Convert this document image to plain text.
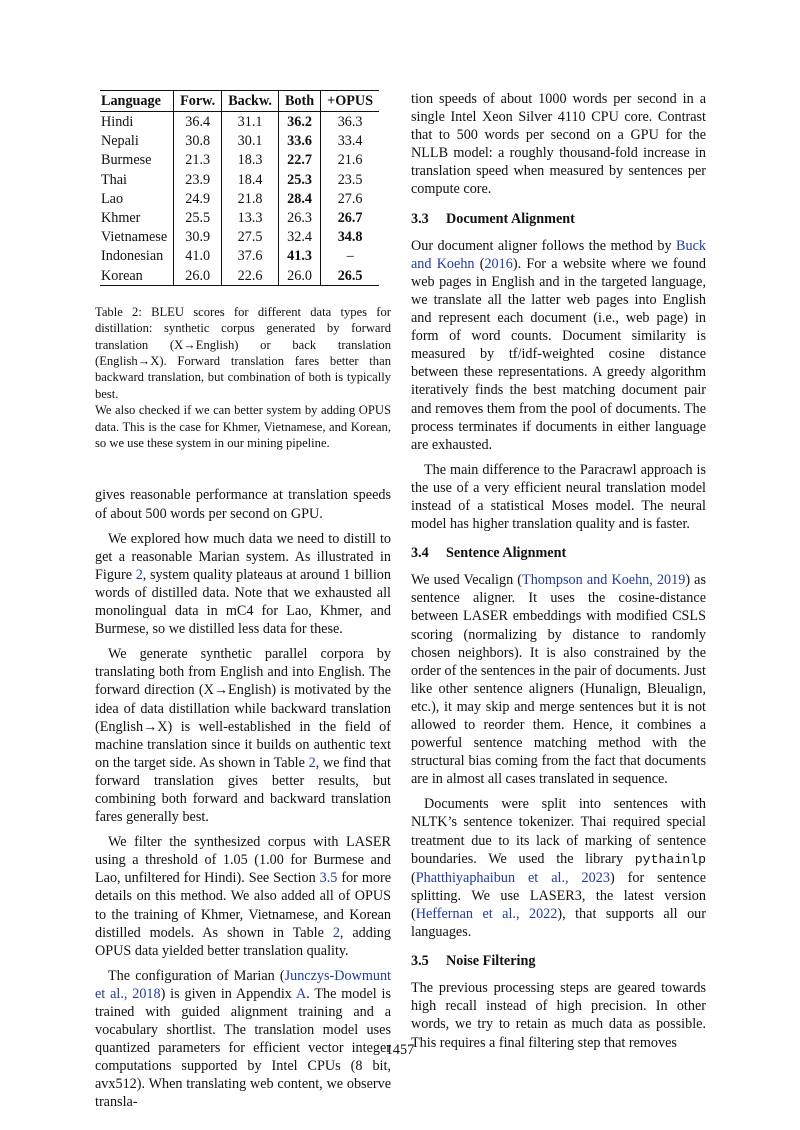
Language	Forw.	Backw.	Both	+OPUS
Hindi	36.4	31.1	36.2	36.3
Nepali	30.8	30.1	33.6	33.4
Burmese	21.3	18.3	22.7	21.6
Thai	23.9	18.4	25.3	23.5
Lao	24.9	21.8	28.4	27.6
Khmer	25.5	13.3	26.3	26.7
Vietnamese	30.9	27.5	32.4	34.8
Indonesian	41.0	37.6	41.3	–
Korean	26.0	22.6	26.0	26.5

Table 2: BLEU scores for different data types for distillation: synthetic corpus generated by forward translation (X→English) or back translation (English→X). Forward translation fares better than backward translation, but combination of both is typically best.

We also checked if we can better system by adding OPUS data. This is the case for Khmer, Vietnamese, and Korean, so we use these system in our mining pipeline.

gives reasonable performance at translation speeds of about 500 words per second on GPU.

We explored how much data we need to distill to get a reasonable Marian system. As illustrated in Figure 2, system quality plateaus at around 1 billion words of distilled data. Note that we exhausted all monolingual data in mC4 for Lao, Khmer, and Burmese, so we distilled less data for these.

We generate synthetic parallel corpora by translating both from English and into English. The forward direction (X→English) is motivated by the idea of data distillation while backward translation (English→X) is well-established in the field of machine translation since it builds on authentic text on the target side. As shown in Table 2, we find that forward translation gives better results, but combining both forward and backward translation fares generally best.

We filter the synthesized corpus with LASER using a threshold of 1.05 (1.00 for Burmese and Lao, unfiltered for Hindi). See Section 3.5 for more details on this method. We also added all of OPUS to the training of Khmer, Vietnamese, and Korean distilled models. As shown in Table 2, adding OPUS data yielded better translation quality.

The configuration of Marian (Junczys-Dowmunt et al., 2018) is given in Appendix A. The model is trained with guided alignment training and a vocabulary shortlist. The translation model uses quantized parameters for efficient vector integer computations supported by Intel CPUs (8 bit, avx512). When translating web content, we observe transla-

tion speeds of about 1000 words per second in a single Intel Xeon Silver 4110 CPU core. Contrast that to 500 words per second on a GPU for the NLLB model: a roughly thousand-fold increase in translation speed when measured by sentences per compute core.

3.3 Document Alignment

Our document aligner follows the method by Buck and Koehn (2016). For a website where we found web pages in English and in the targeted language, we translate all the latter web pages into English and represent each document (i.e., web page) in form of word counts. Document similarity is measured by tf/idf-weighted cosine distance between these representations. A greedy algorithm iteratively finds the best matching document pair and removes them from the pool of documents. The process terminates if documents in either language are exhausted.

The main difference to the Paracrawl approach is the use of a very efficient neural translation model instead of a statistical Moses model. The neural model has higher translation quality and is faster.

3.4 Sentence Alignment

We used Vecalign (Thompson and Koehn, 2019) as sentence aligner. It uses the cosine-distance between LASER embeddings with modified CSLS scoring (normalizing by distance to randomly chosen neighbors). It is also constrained by the order of the sentences in the pair of documents. Just like other sentence aligners (Hunalign, Bleualign, etc.), it may skip and merge sentences but it is not allowed to reorder them. Hence, it combines a powerful sentence matching method with the structural bias coming from the fact that documents are in almost all cases translated in sequence.

Documents were split into sentences with NLTK’s sentence tokenizer. Thai required special treatment due to its lack of marking of sentence boundaries. We used the library pythainlp (Phatthiyaphaibun et al., 2023) for sentence splitting. We use LASER3, the latest version (Heffernan et al., 2022), that supports all our languages.

3.5 Noise Filtering

The previous processing steps are geared towards high recall instead of high precision. In other words, we try to retain as much data as possible. This requires a final filtering step that removes

1457
